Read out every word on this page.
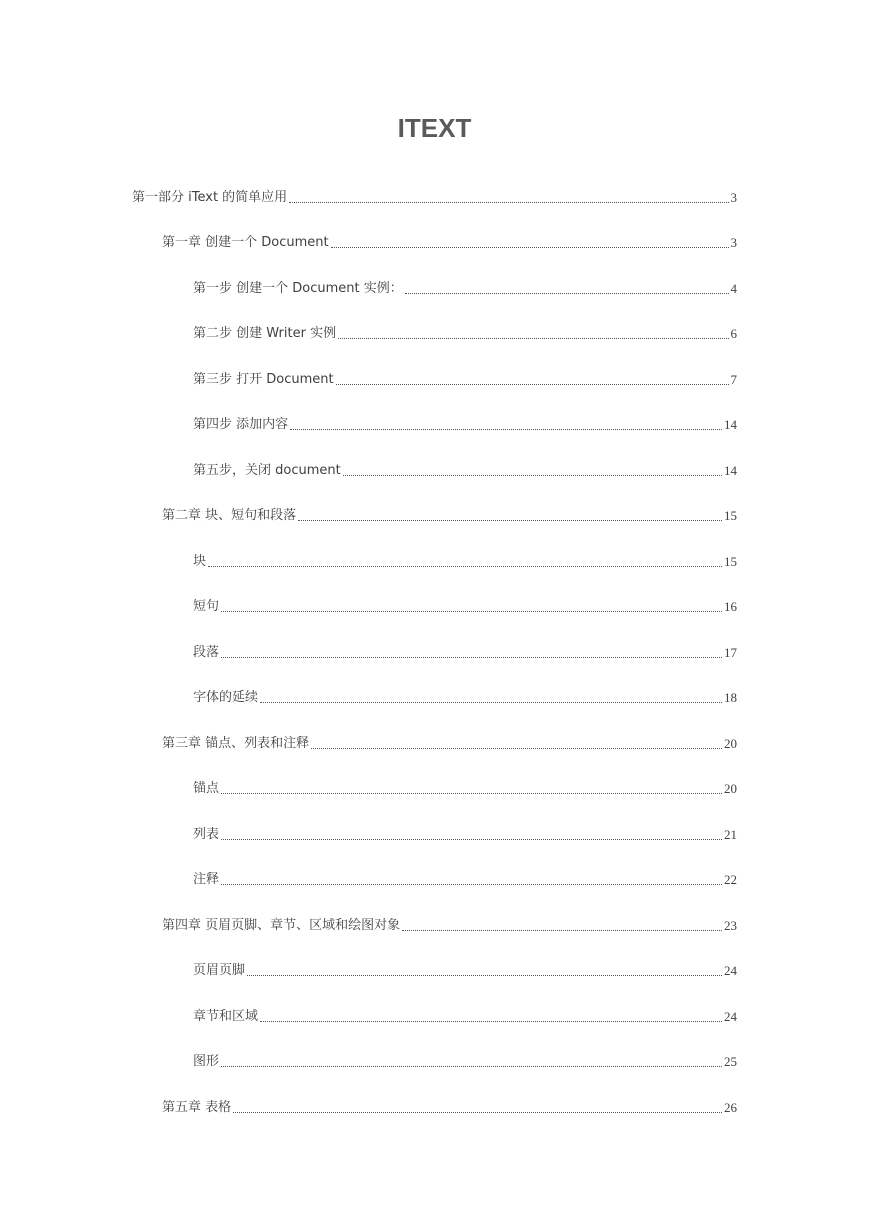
ITEXT
第一部分 iText 的简单应用	3
第一章 创建一个 Document	3
第一步 创建一个 Document 实例：	4
第二步 创建 Writer 实例	6
第三步 打开 Document	7
第四步 添加内容	14
第五步，关闭 document	14
第二章 块、短句和段落	15
块	15
短句	16
段落	17
字体的延续	18
第三章 锚点、列表和注释	20
锚点	20
列表	21
注释	22
第四章 页眉页脚、章节、区域和绘图对象	23
页眉页脚	24
章节和区域	24
图形	25
第五章 表格	26
